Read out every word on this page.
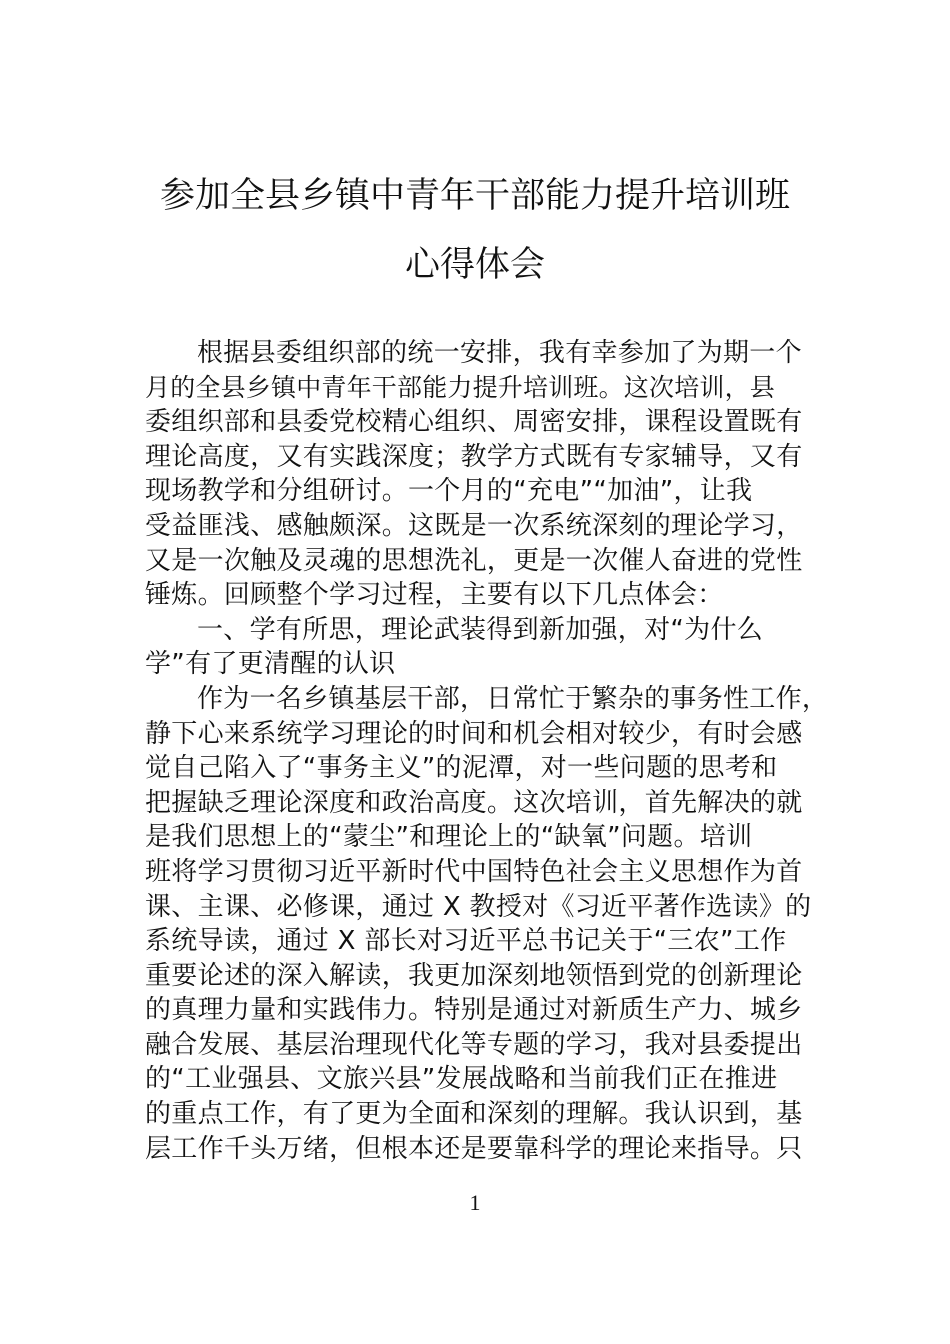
参加全县乡镇中青年干部能力提升培训班
心得体会
根据县委组织部的统一安排，我有幸参加了为期一个
月的全县乡镇中青年干部能力提升培训班。这次培训，县
委组织部和县委党校精心组织、周密安排，课程设置既有
理论高度，又有实践深度；教学方式既有专家辅导，又有
现场教学和分组研讨。一个月的“充电”“加油”，让我
受益匪浅、感触颇深。这既是一次系统深刻的理论学习，
又是一次触及灵魂的思想洗礼，更是一次催人奋进的党性
锤炼。回顾整个学习过程，主要有以下几点体会：
一、学有所思，理论武装得到新加强，对“为什么
学”有了更清醒的认识
作为一名乡镇基层干部，日常忙于繁杂的事务性工作，
静下心来系统学习理论的时间和机会相对较少，有时会感
觉自己陷入了“事务主义”的泥潭，对一些问题的思考和
把握缺乏理论深度和政治高度。这次培训，首先解决的就
是我们思想上的“蒙尘”和理论上的“缺氧”问题。培训
班将学习贯彻习近平新时代中国特色社会主义思想作为首
课、主课、必修课，通过 X 教授对《习近平著作选读》的
系统导读，通过 X 部长对习近平总书记关于“三农”工作
重要论述的深入解读，我更加深刻地领悟到党的创新理论
的真理力量和实践伟力。特别是通过对新质生产力、城乡
融合发展、基层治理现代化等专题的学习，我对县委提出
的“工业强县、文旅兴县”发展战略和当前我们正在推进
的重点工作，有了更为全面和深刻的理解。我认识到，基
层工作千头万绪，但根本还是要靠科学的理论来指导。只
1
